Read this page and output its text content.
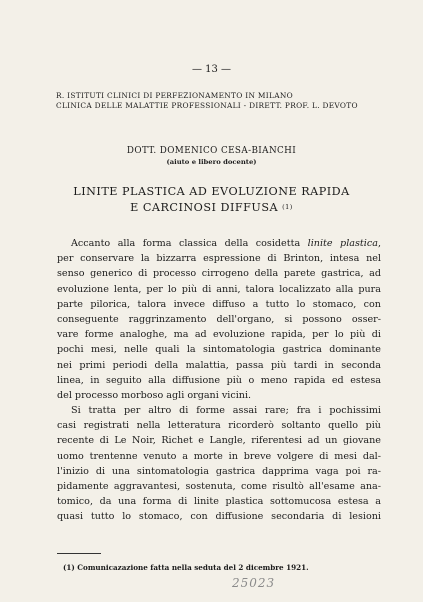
— 13 —
R. ISTITUTI CLINICI DI PERFEZIONAMENTO IN MILANO
CLINICA DELLE MALATTIE PROFESSIONALI - DIRETT. PROF. L. DEVOTO
DOTT. DOMENICO CESA-BIANCHI
(aiuto e libero docente)
LINITE PLASTICA AD EVOLUZIONE RAPIDA
E CARCINOSI DIFFUSA $^{(1)}$
Accanto alla forma classica della cosidetta linite plastica,
per conservare la bizzarra espressione di Brinton, intesa nel
senso generico di processo cirrogeno della parete gastrica, ad
evoluzione lenta, per lo più di anni, talora localizzato alla pura
parte pilorica, talora invece diffuso a tutto lo stomaco, con
conseguente raggrinzamento dell'organo, si possono osser-
vare forme analoghe, ma ad evoluzione rapida, per lo più di
pochi mesi, nelle quali la sintomatologia gastrica dominante
nei primi periodi della malattia, passa più tardi in seconda
linea, in seguito alla diffusione più o meno rapida ed estesa
del processo morboso agli organi vicini.
Si tratta per altro di forme assai rare; fra i pochissimi
casi registrati nella letteratura ricorderò soltanto quello più
recente di Le Noir, Richet e Langle, riferentesi ad un giovane
uomo trentenne venuto a morte in breve volgere di mesi dal-
l'inizio di una sintomatologia gastrica dapprima vaga poi ra-
pidamente aggravantesi, sostenuta, come risultò all'esame ana-
tomico, da una forma di linite plastica sottomucosa estesa a
quasi tutto lo stomaco, con diffusione secondaria di lesioni
(1) Comunicazazione fatta nella seduta del 2 dicembre 1921.
25023
